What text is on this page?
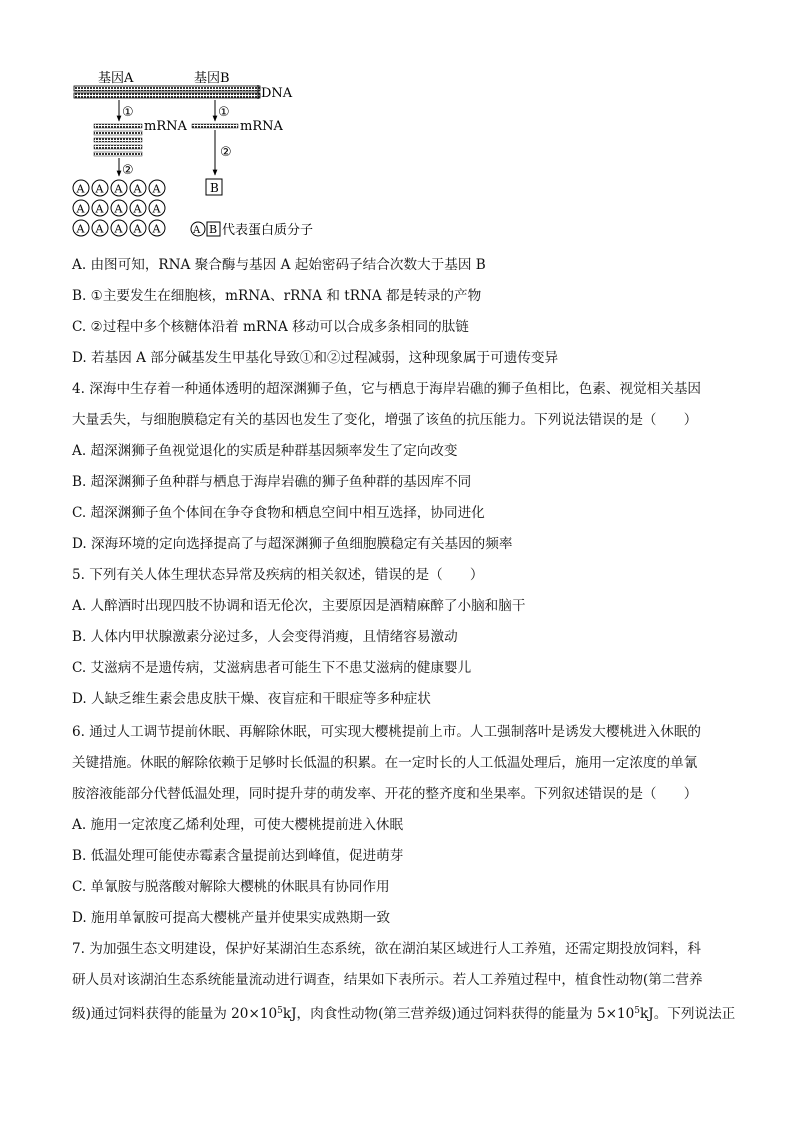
基因A	基因B
DNA
①	①
mRNA	mRNA
②
②
A A A A A
A A A A A
A A A A A
B
A B 代表蛋白质分子
A. 由图可知，RNA 聚合酶与基因 A 起始密码子结合次数大于基因 B
B. ①主要发生在细胞核，mRNA、rRNA 和 tRNA 都是转录的产物
C. ②过程中多个核糖体沿着 mRNA 移动可以合成多条相同的肽链
D. 若基因 A 部分碱基发生甲基化导致①和②过程减弱，这种现象属于可遗传变异
4. 深海中生存着一种通体透明的超深渊狮子鱼，它与栖息于海岸岩礁的狮子鱼相比，色素、视觉相关基因
大量丢失，与细胞膜稳定有关的基因也发生了变化，增强了该鱼的抗压能力。下列说法错误的是（　　）
A. 超深渊狮子鱼视觉退化的实质是种群基因频率发生了定向改变
B. 超深渊狮子鱼种群与栖息于海岸岩礁的狮子鱼种群的基因库不同
C. 超深渊狮子鱼个体间在争夺食物和栖息空间中相互选择，协同进化
D. 深海环境的定向选择提高了与超深渊狮子鱼细胞膜稳定有关基因的频率
5. 下列有关人体生理状态异常及疾病的相关叙述，错误的是（　　）
A. 人醉酒时出现四肢不协调和语无伦次，主要原因是酒精麻醉了小脑和脑干
B. 人体内甲状腺激素分泌过多，人会变得消瘦，且情绪容易激动
C. 艾滋病不是遗传病，艾滋病患者可能生下不患艾滋病的健康婴儿
D. 人缺乏维生素会患皮肤干燥、夜盲症和干眼症等多种症状
6. 通过人工调节提前休眠、再解除休眠，可实现大樱桃提前上市。人工强制落叶是诱发大樱桃进入休眠的
关键措施。休眠的解除依赖于足够时长低温的积累。在一定时长的人工低温处理后，施用一定浓度的单氰
胺溶液能部分代替低温处理，同时提升芽的萌发率、开花的整齐度和坐果率。下列叙述错误的是（　　）
A. 施用一定浓度乙烯利处理，可使大樱桃提前进入休眠
B. 低温处理可能使赤霉素含量提前达到峰值，促进萌芽
C. 单氰胺与脱落酸对解除大樱桃的休眠具有协同作用
D. 施用单氰胺可提高大樱桃产量并使果实成熟期一致
7. 为加强生态文明建设，保护好某湖泊生态系统，欲在湖泊某区域进行人工养殖，还需定期投放饲料，科
研人员对该湖泊生态系统能量流动进行调查，结果如下表所示。若人工养殖过程中，植食性动物(第二营养
级)通过饲料获得的能量为 $20\times 10^5kJ$，肉食性动物(第三营养级)通过饲料获得的能量为 $5\times 10^5kJ$。下列说法正
